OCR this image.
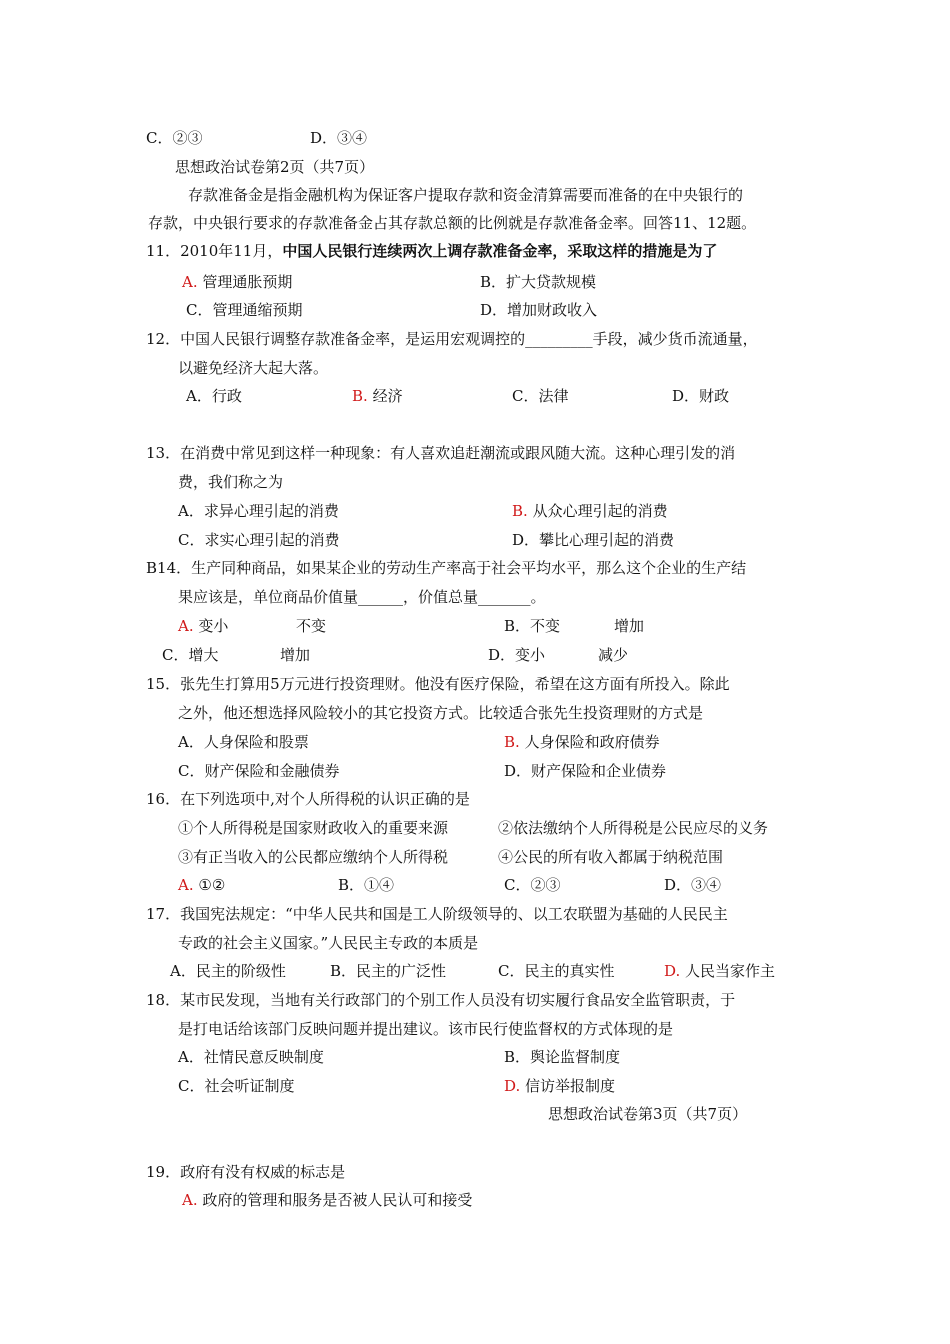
C．②③	D．③④
思想政治试卷第2页（共7页）
存款准备金是指金融机构为保证客户提取存款和资金清算需要而准备的在中央银行的
存款，中央银行要求的存款准备金占其存款总额的比例就是存款准备金率。回答11、12题。
11．2010年11月，中国人民银行连续两次上调存款准备金率，采取这样的措施是为了
A. 管理通胀预期	B．扩大贷款规模
C．管理通缩预期	D．增加财政收入
12．中国人民银行调整存款准备金率，是运用宏观调控的_________手段，减少货币流通量，
以避免经济大起大落。
A．行政	B. 经济	C．法律	D．财政
13．在消费中常见到这样一种现象：有人喜欢追赶潮流或跟风随大流。这种心理引发的消
费，我们称之为
A．求异心理引起的消费	B. 从众心理引起的消费
C．求实心理引起的消费	D．攀比心理引起的消费
B14．生产同种商品，如果某企业的劳动生产率高于社会平均水平，那么这个企业的生产结
果应该是，单位商品价值量______，价值总量_______。
A. 变小	不变	B．不变	增加
C．增大	增加	D．变小	减少
15．张先生打算用5万元进行投资理财。他没有医疗保险，希望在这方面有所投入。除此
之外，他还想选择风险较小的其它投资方式。比较适合张先生投资理财的方式是
A．人身保险和股票	B. 人身保险和政府债券
C．财产保险和金融债券	D．财产保险和企业债券
16．在下列选项中,对个人所得税的认识正确的是
①个人所得税是国家财政收入的重要来源	②依法缴纳个人所得税是公民应尽的义务
③有正当收入的公民都应缴纳个人所得税	④公民的所有收入都属于纳税范围
A. ①②	B．①④	C．②③	D．③④
17．我国宪法规定：“中华人民共和国是工人阶级领导的、以工农联盟为基础的人民民主
专政的社会主义国家。”人民民主专政的本质是
A．民主的阶级性	B．民主的广泛性	C．民主的真实性	D. 人民当家作主
18．某市民发现，当地有关行政部门的个别工作人员没有切实履行食品安全监管职责，于
是打电话给该部门反映问题并提出建议。该市民行使监督权的方式体现的是
A．社情民意反映制度	B．舆论监督制度
C．社会听证制度	D. 信访举报制度
思想政治试卷第3页（共7页）
19．政府有没有权威的标志是
A. 政府的管理和服务是否被人民认可和接受
